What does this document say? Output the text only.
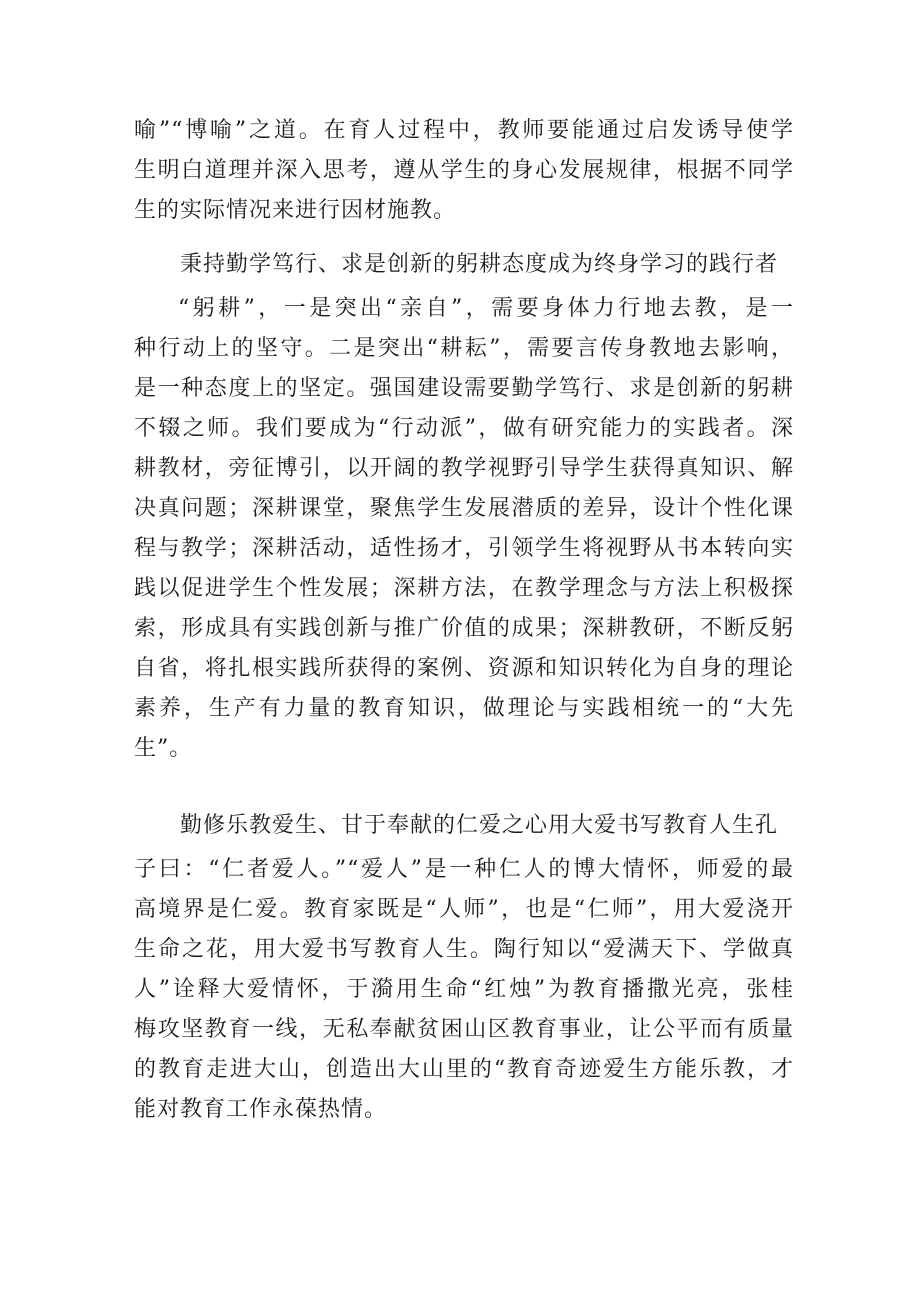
喻”“博喻”之道。在育人过程中，教师要能通过启发诱导使学
生明白道理并深入思考，遵从学生的身心发展规律，根据不同学
生的实际情况来进行因材施教。
秉持勤学笃行、求是创新的躬耕态度成为终身学习的践行者
“躬耕”，一是突出“亲自”，需要身体力行地去教，是一
种行动上的坚守。二是突出“耕耘”，需要言传身教地去影响，
是一种态度上的坚定。强国建设需要勤学笃行、求是创新的躬耕
不辍之师。我们要成为“行动派”，做有研究能力的实践者。深
耕教材，旁征博引，以开阔的教学视野引导学生获得真知识、解
决真问题；深耕课堂，聚焦学生发展潜质的差异，设计个性化课
程与教学；深耕活动，适性扬才，引领学生将视野从书本转向实
践以促进学生个性发展；深耕方法，在教学理念与方法上积极探
索，形成具有实践创新与推广价值的成果；深耕教研，不断反躬
自省，将扎根实践所获得的案例、资源和知识转化为自身的理论
素养，生产有力量的教育知识，做理论与实践相统一的“大先
生”。
勤修乐教爱生、甘于奉献的仁爱之心用大爱书写教育人生孔
子曰：“仁者爱人。”“爱人”是一种仁人的博大情怀，师爱的最
高境界是仁爱。教育家既是“人师”，也是“仁师”，用大爱浇开
生命之花，用大爱书写教育人生。陶行知以“爱满天下、学做真
人”诠释大爱情怀，于漪用生命“红烛”为教育播撒光亮，张桂
梅攻坚教育一线，无私奉献贫困山区教育事业，让公平而有质量
的教育走进大山，创造出大山里的“教育奇迹爱生方能乐教，才
能对教育工作永葆热情。
